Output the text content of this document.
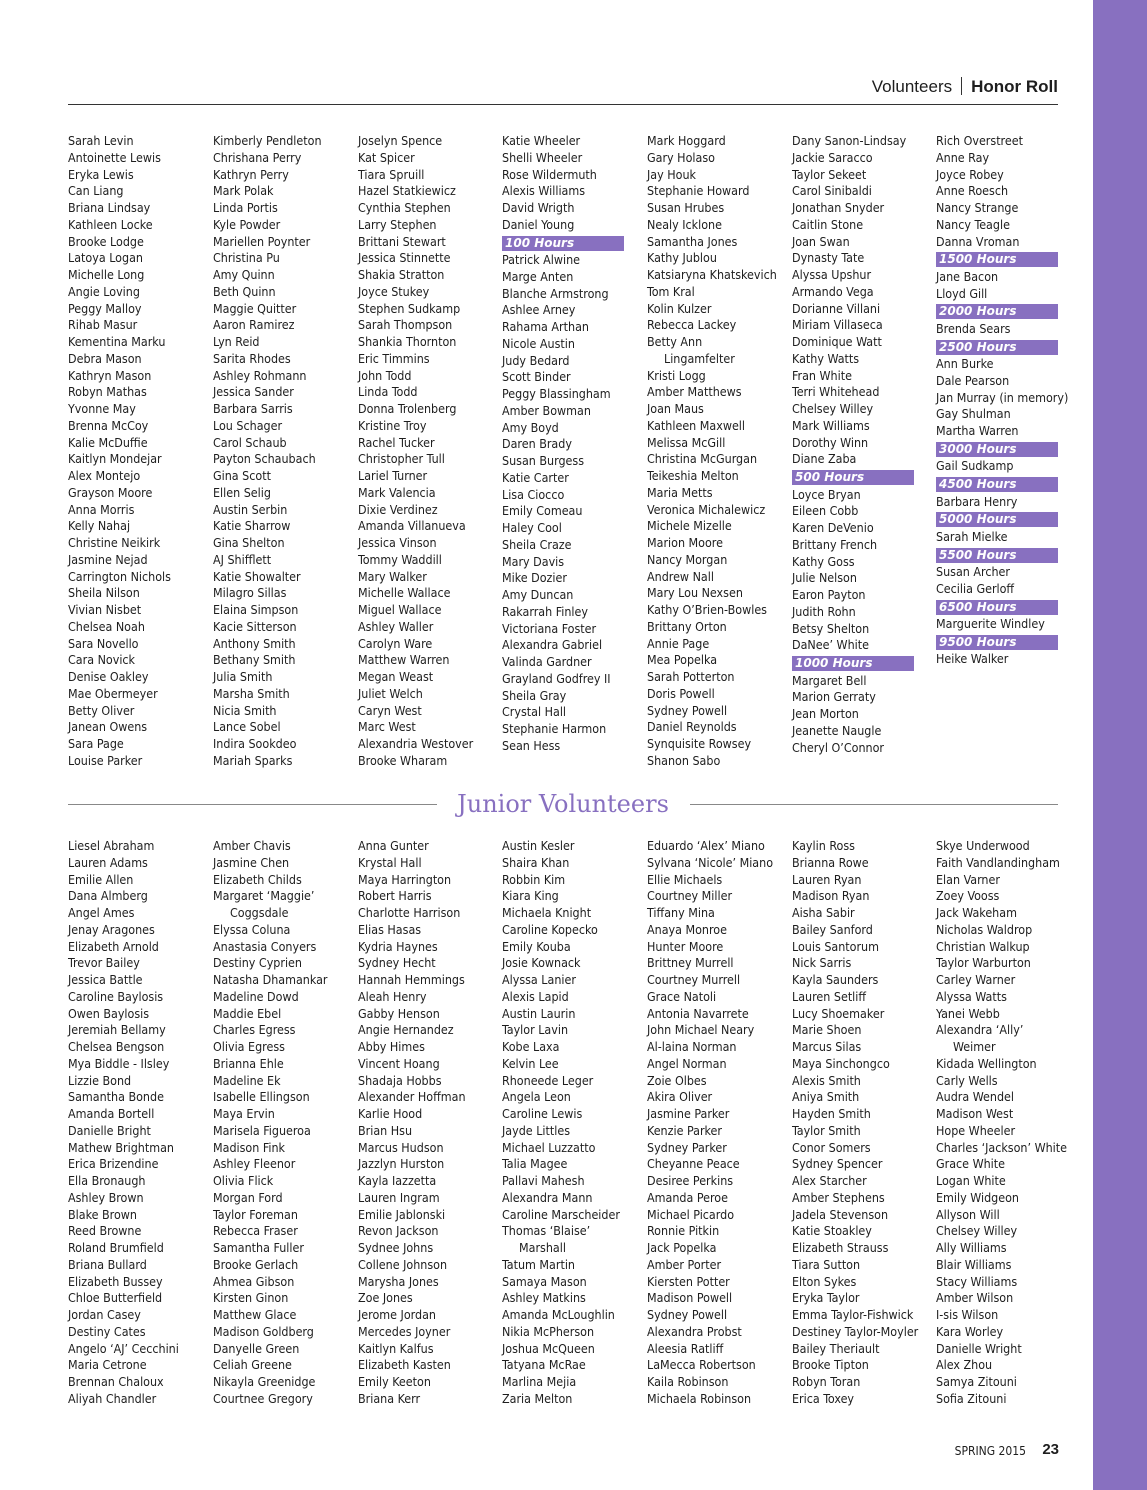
Volunteers Honor Roll
Sarah Levin
Antoinette Lewis
Eryka Lewis
Can Liang
Briana Lindsay
Kathleen Locke
Brooke Lodge
Latoya Logan
Michelle Long
Angie Loving
Peggy Malloy
Rihab Masur
Kementina Marku
Debra Mason
Kathryn Mason
Robyn Mathas
Yvonne May
Brenna McCoy
Kalie McDuffie
Kaitlyn Mondejar
Alex Montejo
Grayson Moore
Anna Morris
Kelly Nahaj
Christine Neikirk
Jasmine Nejad
Carrington Nichols
Sheila Nilson
Vivian Nisbet
Chelsea Noah
Sara Novello
Cara Novick
Denise Oakley
Mae Obermeyer
Betty Oliver
Janean Owens
Sara Page
Louise Parker
Kimberly Pendleton
Chrishana Perry
Kathryn Perry
Mark Polak
Linda Portis
Kyle Powder
Mariellen Poynter
Christina Pu
Amy Quinn
Beth Quinn
Maggie Quitter
Aaron Ramirez
Lyn Reid
Sarita Rhodes
Ashley Rohmann
Jessica Sander
Barbara Sarris
Lou Schager
Carol Schaub
Payton Schaubach
Gina Scott
Ellen Selig
Austin Serbin
Katie Sharrow
Gina Shelton
AJ Shifflett
Katie Showalter
Milagro Sillas
Elaina Simpson
Kacie Sitterson
Anthony Smith
Bethany Smith
Julia Smith
Marsha Smith
Nicia Smith
Lance Sobel
Indira Sookdeo
Mariah Sparks
Joselyn Spence
Kat Spicer
Tiara Spruill
Hazel Statkiewicz
Cynthia Stephen
Larry Stephen
Brittani Stewart
Jessica Stinnette
Shakia Stratton
Joyce Stukey
Stephen Sudkamp
Sarah Thompson
Shankia Thornton
Eric Timmins
John Todd
Linda Todd
Donna Trolenberg
Kristine Troy
Rachel Tucker
Christopher Tull
Lariel Turner
Mark Valencia
Dixie Verdinez
Amanda Villanueva
Jessica Vinson
Tommy Waddill
Mary Walker
Michelle Wallace
Miguel Wallace
Ashley Waller
Carolyn Ware
Matthew Warren
Megan Weast
Juliet Welch
Caryn West
Marc West
Alexandria Westover
Brooke Wharam
Katie Wheeler
Shelli Wheeler
Rose Wildermuth
Alexis Williams
David Wrigth
Daniel Young
100 Hours
Patrick Alwine
Marge Anten
Blanche Armstrong
Ashlee Arney
Rahama Arthan
Nicole Austin
Judy Bedard
Scott Binder
Peggy Blassingham
Amber Bowman
Amy Boyd
Daren Brady
Susan Burgess
Katie Carter
Lisa Ciocco
Emily Comeau
Haley Cool
Sheila Craze
Mary Davis
Mike Dozier
Amy Duncan
Rakarrah Finley
Victoriana Foster
Alexandra Gabriel
Valinda Gardner
Grayland Godfrey II
Sheila Gray
Crystal Hall
Stephanie Harmon
Sean Hess
Mark Hoggard
Gary Holaso
Jay Houk
Stephanie Howard
Susan Hrubes
Nealy Icklone
Samantha Jones
Kathy Jublou
Katsiaryna Khatskevich
Tom Kral
Kolin Kulzer
Rebecca Lackey
Betty Ann
Lingamfelter
Kristi Logg
Amber Matthews
Joan Maus
Kathleen Maxwell
Melissa McGill
Christina McGurgan
Teikeshia Melton
Maria Metts
Veronica Michalewicz
Michele Mizelle
Marion Moore
Nancy Morgan
Andrew Nall
Mary Lou Nexsen
Kathy O’Brien-Bowles
Brittany Orton
Annie Page
Mea Popelka
Sarah Potterton
Doris Powell
Sydney Powell
Daniel Reynolds
Synquisite Rowsey
Shanon Sabo
Dany Sanon-Lindsay
Jackie Saracco
Taylor Sekeet
Carol Sinibaldi
Jonathan Snyder
Caitlin Stone
Joan Swan
Dynasty Tate
Alyssa Upshur
Armando Vega
Dorianne Villani
Miriam Villaseca
Dominique Watt
Kathy Watts
Fran White
Terri Whitehead
Chelsey Willey
Mark Williams
Dorothy Winn
Diane Zaba
500 Hours
Loyce Bryan
Eileen Cobb
Karen DeVenio
Brittany French
Kathy Goss
Julie Nelson
Earon Payton
Judith Rohn
Betsy Shelton
DaNee’ White
1000 Hours
Margaret Bell
Marion Gerraty
Jean Morton
Jeanette Naugle
Cheryl O’Connor
Rich Overstreet
Anne Ray
Joyce Robey
Anne Roesch
Nancy Strange
Nancy Teagle
Danna Vroman
1500 Hours
Jane Bacon
Lloyd Gill
2000 Hours
Brenda Sears
2500 Hours
Ann Burke
Dale Pearson
Jan Murray (in memory)
Gay Shulman
Martha Warren
3000 Hours
Gail Sudkamp
4500 Hours
Barbara Henry
5000 Hours
Sarah Mielke
5500 Hours
Susan Archer
Cecilia Gerloff
6500 Hours
Marguerite Windley
9500 Hours
Heike Walker
Junior Volunteers
Liesel Abraham
Lauren Adams
Emilie Allen
Dana Almberg
Angel Ames
Jenay Aragones
Elizabeth Arnold
Trevor Bailey
Jessica Battle
Caroline Baylosis
Owen Baylosis
Jeremiah Bellamy
Chelsea Bengson
Mya Biddle - Ilsley
Lizzie Bond
Samantha Bonde
Amanda Bortell
Danielle Bright
Mathew Brightman
Erica Brizendine
Ella Bronaugh
Ashley Brown
Blake Brown
Reed Browne
Roland Brumfield
Briana Bullard
Elizabeth Bussey
Chloe Butterfield
Jordan Casey
Destiny Cates
Angelo ‘AJ’ Cecchini
Maria Cetrone
Brennan Chaloux
Aliyah Chandler
Amber Chavis
Jasmine Chen
Elizabeth Childs
Margaret ‘Maggie’
Coggsdale
Elyssa Coluna
Anastasia Conyers
Destiny Cyprien
Natasha Dhamankar
Madeline Dowd
Maddie Ebel
Charles Egress
Olivia Egress
Brianna Ehle
Madeline Ek
Isabelle Ellingson
Maya Ervin
Marisela Figueroa
Madison Fink
Ashley Fleenor
Olivia Flick
Morgan Ford
Taylor Foreman
Rebecca Fraser
Samantha Fuller
Brooke Gerlach
Ahmea Gibson
Kirsten Ginon
Matthew Glace
Madison Goldberg
Danyelle Green
Celiah Greene
Nikayla Greenidge
Courtnee Gregory
Anna Gunter
Krystal Hall
Maya Harrington
Robert Harris
Charlotte Harrison
Elias Hasas
Kydria Haynes
Sydney Hecht
Hannah Hemmings
Aleah Henry
Gabby Henson
Angie Hernandez
Abby Himes
Vincent Hoang
Shadaja Hobbs
Alexander Hoffman
Karlie Hood
Brian Hsu
Marcus Hudson
Jazzlyn Hurston
Kayla Iazzetta
Lauren Ingram
Emilie Jablonski
Revon Jackson
Sydnee Johns
Collene Johnson
Marysha Jones
Zoe Jones
Jerome Jordan
Mercedes Joyner
Kaitlyn Kalfus
Elizabeth Kasten
Emily Keeton
Briana Kerr
Austin Kesler
Shaira Khan
Robbin Kim
Kiara King
Michaela Knight
Caroline Kopecko
Emily Kouba
Josie Kownack
Alyssa Lanier
Alexis Lapid
Austin Laurin
Taylor Lavin
Kobe Laxa
Kelvin Lee
Rhoneede Leger
Angela Leon
Caroline Lewis
Jayde Littles
Michael Luzzatto
Talia Magee
Pallavi Mahesh
Alexandra Mann
Caroline Marscheider
Thomas ‘Blaise’
Marshall
Tatum Martin
Samaya Mason
Ashley Matkins
Amanda McLoughlin
Nikia McPherson
Joshua McQueen
Tatyana McRae
Marlina Mejia
Zaria Melton
Eduardo ‘Alex’ Miano
Sylvana ‘Nicole’ Miano
Ellie Michaels
Courtney Miller
Tiffany Mina
Anaya Monroe
Hunter Moore
Brittney Murrell
Courtney Murrell
Grace Natoli
Antonia Navarrete
John Michael Neary
Al-laina Norman
Angel Norman
Zoie Olbes
Akira Oliver
Jasmine Parker
Kenzie Parker
Sydney Parker
Cheyanne Peace
Desiree Perkins
Amanda Peroe
Michael Picardo
Ronnie Pitkin
Jack Popelka
Amber Porter
Kiersten Potter
Madison Powell
Sydney Powell
Alexandra Probst
Aleesia Ratliff
LaMecca Robertson
Kaila Robinson
Michaela Robinson
Kaylin Ross
Brianna Rowe
Lauren Ryan
Madison Ryan
Aisha Sabir
Bailey Sanford
Louis Santorum
Nick Sarris
Kayla Saunders
Lauren Setliff
Lucy Shoemaker
Marie Shoen
Marcus Silas
Maya Sinchongco
Alexis Smith
Aniya Smith
Hayden Smith
Taylor Smith
Conor Somers
Sydney Spencer
Alex Starcher
Amber Stephens
Jadela Stevenson
Katie Stoakley
Elizabeth Strauss
Tiara Sutton
Elton Sykes
Eryka Taylor
Emma Taylor-Fishwick
Destiney Taylor-Moyler
Bailey Theriault
Brooke Tipton
Robyn Toran
Erica Toxey
Skye Underwood
Faith Vandlandingham
Elan Varner
Zoey Vooss
Jack Wakeham
Nicholas Waldrop
Christian Walkup
Taylor Warburton
Carley Warner
Alyssa Watts
Yanei Webb
Alexandra ‘Ally’
Weimer
Kidada Wellington
Carly Wells
Audra Wendel
Madison West
Hope Wheeler
Charles ‘Jackson’ White
Grace White
Logan White
Emily Widgeon
Allyson Will
Chelsey Willey
Ally Williams
Blair Williams
Stacy Williams
Amber Wilson
I-sis Wilson
Kara Worley
Danielle Wright
Alex Zhou
Samya Zitouni
Sofia Zitouni
SPRING 2015 23
